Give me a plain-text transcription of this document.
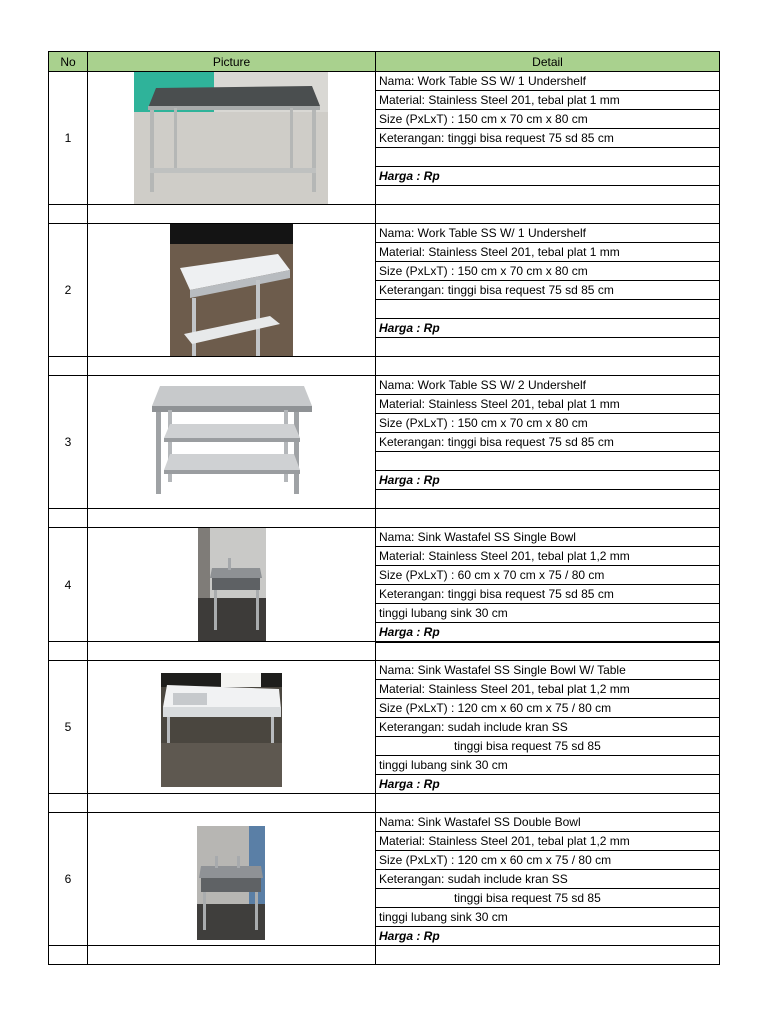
No	Picture	Detail
1		Nama: Work Table SS W/ 1 Undershelf
		Material: Stainless Steel 201, tebal plat 1 mm
		Size (PxLxT) : 150 cm x 70 cm x 80 cm
		Keterangan: tinggi bisa request 75 sd 85 cm

		Harga : Rp

2		Nama: Work Table SS W/ 1 Undershelf
		Material: Stainless Steel 201, tebal plat 1 mm
		Size (PxLxT) : 150 cm x 70 cm x 80 cm
		Keterangan: tinggi bisa request 75 sd 85 cm

		Harga : Rp

3		Nama: Work Table SS W/ 2 Undershelf
		Material: Stainless Steel 201, tebal plat 1 mm
		Size (PxLxT) : 150 cm x 70 cm x 80 cm
		Keterangan: tinggi bisa request 75 sd 85 cm

		Harga : Rp

4		Nama: Sink Wastafel SS Single Bowl
		Material: Stainless Steel 201, tebal plat 1,2 mm
		Size (PxLxT) : 60 cm x 70 cm x 75 / 80 cm
		Keterangan: tinggi bisa request 75 sd 85 cm
		tinggi lubang sink 30 cm
		Harga : Rp

5		Nama: Sink Wastafel SS Single Bowl W/ Table
		Material: Stainless Steel 201, tebal plat 1,2 mm
		Size (PxLxT) : 120 cm x 60 cm x 75 / 80 cm
		Keterangan: sudah include kran SS
		tinggi bisa request 75 sd 85
		tinggi lubang sink 30 cm
		Harga : Rp

6		Nama: Sink Wastafel SS Double Bowl
		Material: Stainless Steel 201, tebal plat 1,2 mm
		Size (PxLxT) : 120 cm x 60 cm x 75 / 80 cm
		Keterangan: sudah include kran SS
		tinggi bisa request 75 sd 85
		tinggi lubang sink 30 cm
		Harga : Rp
